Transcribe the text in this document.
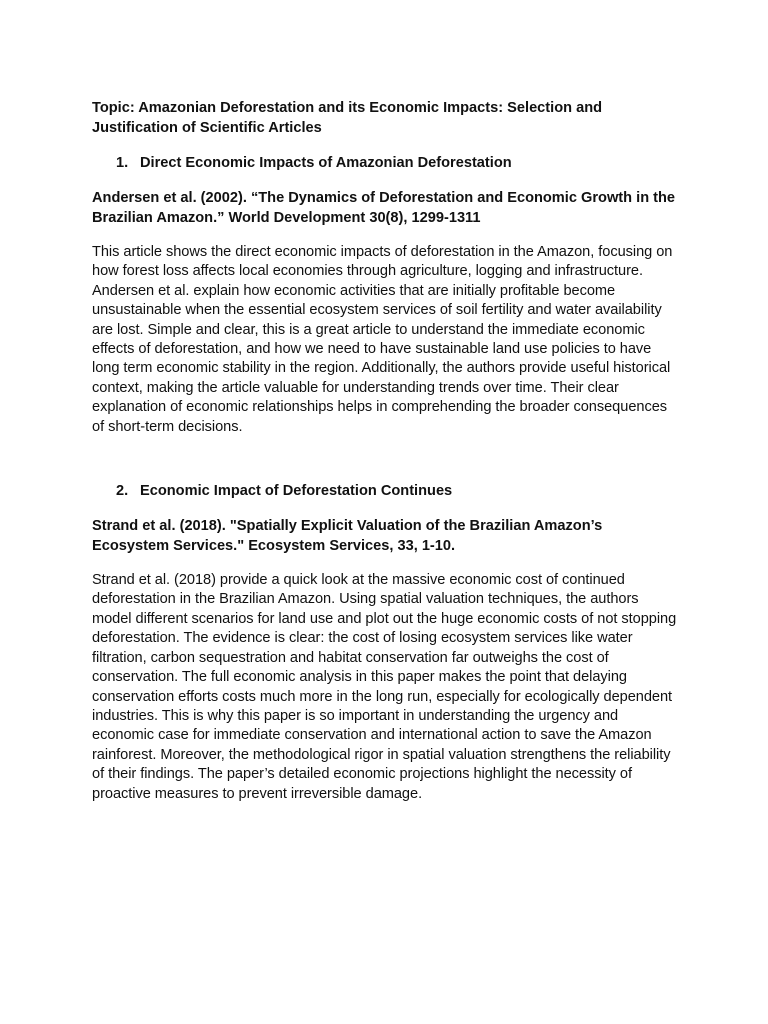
Topic: Amazonian Deforestation and its Economic Impacts: Selection and Justification of Scientific Articles

1. Direct Economic Impacts of Amazonian Deforestation

Andersen et al. (2002). “The Dynamics of Deforestation and Economic Growth in the Brazilian Amazon.” World Development 30(8), 1299-1311

This article shows the direct economic impacts of deforestation in the Amazon, focusing on how forest loss affects local economies through agriculture, logging and infrastructure. Andersen et al. explain how economic activities that are initially profitable become unsustainable when the essential ecosystem services of soil fertility and water availability are lost. Simple and clear, this is a great article to understand the immediate economic effects of deforestation, and how we need to have sustainable land use policies to have long term economic stability in the region. Additionally, the authors provide useful historical context, making the article valuable for understanding trends over time. Their clear explanation of economic relationships helps in comprehending the broader consequences of short-term decisions.

2. Economic Impact of Deforestation Continues

Strand et al. (2018). "Spatially Explicit Valuation of the Brazilian Amazon’s Ecosystem Services." Ecosystem Services, 33, 1-10.

Strand et al. (2018) provide a quick look at the massive economic cost of continued deforestation in the Brazilian Amazon. Using spatial valuation techniques, the authors model different scenarios for land use and plot out the huge economic costs of not stopping deforestation. The evidence is clear: the cost of losing ecosystem services like water filtration, carbon sequestration and habitat conservation far outweighs the cost of conservation. The full economic analysis in this paper makes the point that delaying conservation efforts costs much more in the long run, especially for ecologically dependent industries. This is why this paper is so important in understanding the urgency and economic case for immediate conservation and international action to save the Amazon rainforest. Moreover, the methodological rigor in spatial valuation strengthens the reliability of their findings. The paper’s detailed economic projections highlight the necessity of proactive measures to prevent irreversible damage.
